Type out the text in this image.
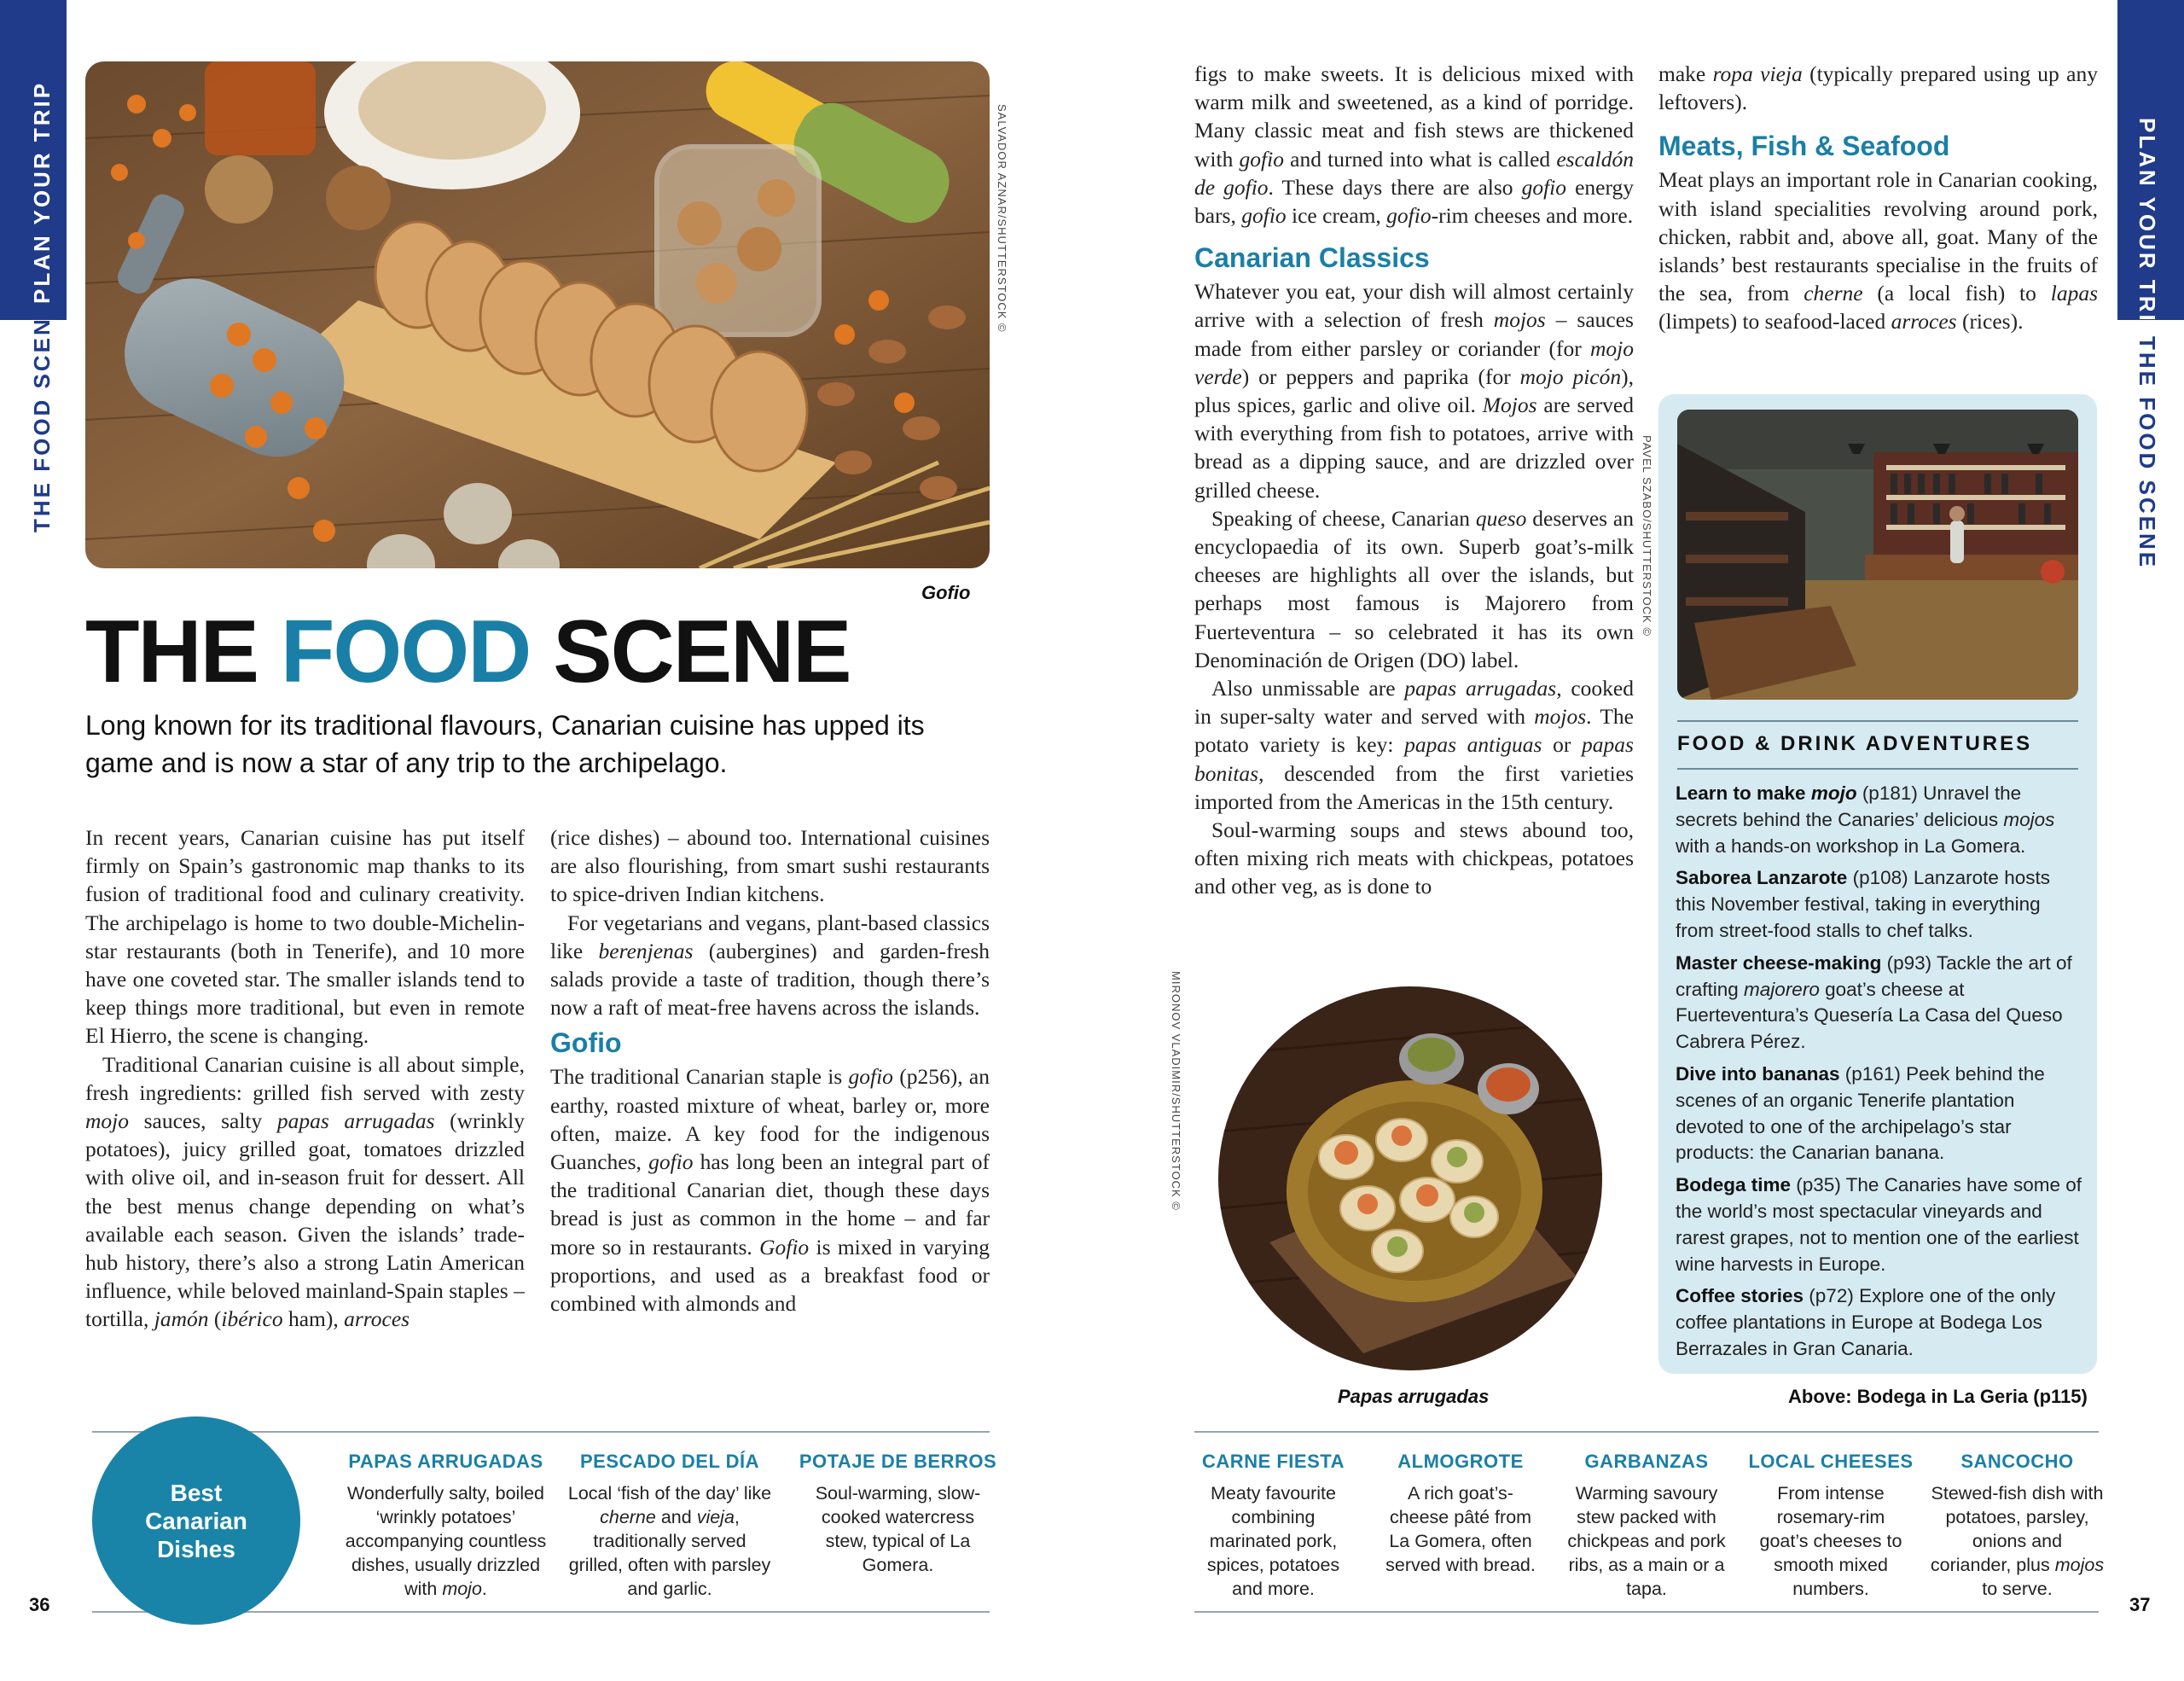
PLAN YOUR TRIP
THE FOOD SCENE
PLAN YOUR TRIP
THE FOOD SCENE
SALVADOR AZNAR/SHUTTERSTOCK ©
Gofio
THE FOOD SCENE
Long known for its traditional flavours, Canarian cuisine has upped its game and is now a star of any trip to the archipelago.

In recent years, Canarian cuisine has put itself firmly on Spain’s gastronomic map thanks to its fusion of traditional food and culinary creativity. The archipelago is home to two double-Michelin-star restaurants (both in Tenerife), and 10 more have one coveted star. The smaller islands tend to keep things more traditional, but even in remote El Hierro, the scene is changing.

Traditional Canarian cuisine is all about simple, fresh ingredients: grilled fish served with zesty mojo sauces, salty papas arrugadas (wrinkly potatoes), juicy grilled goat, tomatoes drizzled with olive oil, and in-season fruit for dessert. All the best menus change depending on what’s available each season. Given the islands’ trade-hub history, there’s also a strong Latin American influence, while beloved mainland-Spain staples – tortilla, jamón (ibérico ham), arroces

(rice dishes) – abound too. International cuisines are also flourishing, from smart sushi restaurants to spice-driven Indian kitchens.

For vegetarians and vegans, plant-based classics like berenjenas (aubergines) and garden-fresh salads provide a taste of tradition, though there’s now a raft of meat-free havens across the islands.

Gofio

The traditional Canarian staple is gofio (p256), an earthy, roasted mixture of wheat, barley or, more often, maize. A key food for the indigenous Guanches, gofio has long been an integral part of the traditional Canarian diet, though these days bread is just as common in the home – and far more so in restaurants. Gofio is mixed in varying proportions, and used as a breakfast food or combined with almonds and

figs to make sweets. It is delicious mixed with warm milk and sweetened, as a kind of porridge. Many classic meat and fish stews are thickened with gofio and turned into what is called escaldón de gofio. These days there are also gofio energy bars, gofio ice cream, gofio-rim cheeses and more.

Canarian Classics

Whatever you eat, your dish will almost certainly arrive with a selection of fresh mojos – sauces made from either parsley or coriander (for mojo verde) or peppers and paprika (for mojo picón), plus spices, garlic and olive oil. Mojos are served with everything from fish to potatoes, arrive with bread as a dipping sauce, and are drizzled over grilled cheese.

Speaking of cheese, Canarian queso deserves an encyclopaedia of its own. Superb goat’s-milk cheeses are highlights all over the islands, but perhaps most famous is Majorero from Fuerteventura – so celebrated it has its own Denominación de Origen (DO) label.

Also unmissable are papas arrugadas, cooked in super-salty water and served with mojos. The potato variety is key: papas antiguas or papas bonitas, descended from the first varieties imported from the Americas in the 15th century.

Soul-warming soups and stews abound too, often mixing rich meats with chickpeas, potatoes and other veg, as is done to

make ropa vieja (typically prepared using up any leftovers).

Meats, Fish & Seafood

Meat plays an important role in Canarian cooking, with island specialities revolving around pork, chicken, rabbit and, above all, goat. Many of the islands’ best restaurants specialise in the fruits of the sea, from cherne (a local fish) to lapas (limpets) to seafood-laced arroces (rices).

MIRONOV VLADIMIR/SHUTTERSTOCK ©
Papas arrugadas
PAVEL SZABO/SHUTTERSTOCK ©
FOOD & DRINK ADVENTURES
Learn to make mojo (p181) Unravel the secrets behind the Canaries’ delicious mojos with a hands-on workshop in La Gomera.
Saborea Lanzarote (p108) Lanzarote hosts this November festival, taking in everything from street-food stalls to chef talks.
Master cheese-making (p93) Tackle the art of crafting majorero goat’s cheese at Fuerteventura’s Quesería La Casa del Queso Cabrera Pérez.
Dive into bananas (p161) Peek behind the scenes of an organic Tenerife plantation devoted to one of the archipelago’s star products: the Canarian banana.
Bodega time (p35) The Canaries have some of the world’s most spectacular vineyards and rarest grapes, not to mention one of the earliest wine harvests in Europe.
Coffee stories (p72) Explore one of the only coffee plantations in Europe at Bodega Los Berrazales in Gran Canaria.
Above: Bodega in La Geria (p115)
Best Canarian Dishes
PAPAS ARRUGADAS
Wonderfully salty, boiled ‘wrinkly potatoes’ accompanying countless dishes, usually drizzled with mojo.
PESCADO DEL DÍA
Local ‘fish of the day’ like cherne and vieja, traditionally served grilled, often with parsley and garlic.
POTAJE DE BERROS
Soul-warming, slow-cooked watercress stew, typical of La Gomera.
CARNE FIESTA
Meaty favourite combining marinated pork, spices, potatoes and more.
ALMOGROTE
A rich goat’s-cheese pâté from La Gomera, often served with bread.
GARBANZAS
Warming savoury stew packed with chickpeas and pork ribs, as a main or a tapa.
LOCAL CHEESES
From intense rosemary-rim goat’s cheeses to smooth mixed numbers.
SANCOCHO
Stewed-fish dish with potatoes, parsley, onions and coriander, plus mojos to serve.
36	37
